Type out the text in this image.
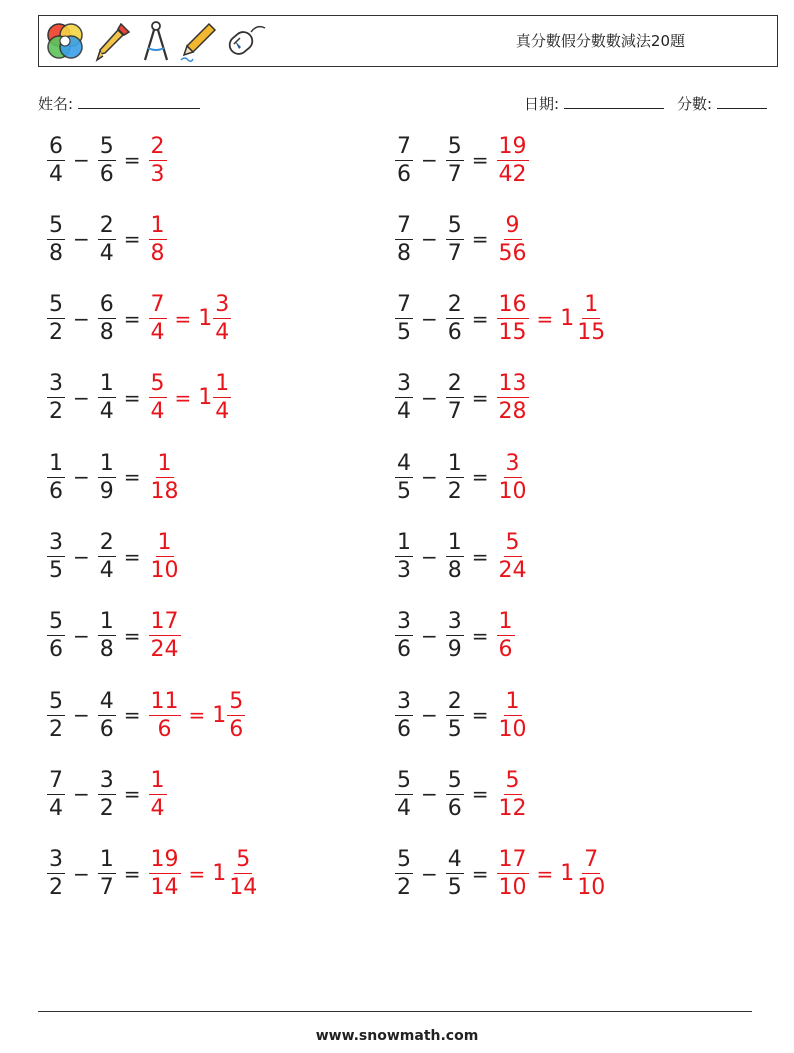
真分數假分數數減法20題
姓名:	日期:	分數:
$\frac{6}{4} - \frac{5}{6} = \frac{2}{3}$	$\frac{7}{6} - \frac{5}{7} = \frac{19}{42}$
$\frac{5}{8} - \frac{2}{4} = \frac{1}{8}$	$\frac{7}{8} - \frac{5}{7} = \frac{9}{56}$
$\frac{5}{2} - \frac{6}{8} = \frac{7}{4} = 1 \frac{3}{4}$	$\frac{7}{5} - \frac{2}{6} = \frac{16}{15} = 1 \frac{1}{15}$
$\frac{3}{2} - \frac{1}{4} = \frac{5}{4} = 1 \frac{1}{4}$	$\frac{3}{4} - \frac{2}{7} = \frac{13}{28}$
$\frac{1}{6} - \frac{1}{9} = \frac{1}{18}$	$\frac{4}{5} - \frac{1}{2} = \frac{3}{10}$
$\frac{3}{5} - \frac{2}{4} = \frac{1}{10}$	$\frac{1}{3} - \frac{1}{8} = \frac{5}{24}$
$\frac{5}{6} - \frac{1}{8} = \frac{17}{24}$	$\frac{3}{6} - \frac{3}{9} = \frac{1}{6}$
$\frac{5}{2} - \frac{4}{6} = \frac{11}{6} = 1 \frac{5}{6}$	$\frac{3}{6} - \frac{2}{5} = \frac{1}{10}$
$\frac{7}{4} - \frac{3}{2} = \frac{1}{4}$	$\frac{5}{4} - \frac{5}{6} = \frac{5}{12}$
$\frac{3}{2} - \frac{1}{7} = \frac{19}{14} = 1 \frac{5}{14}$	$\frac{5}{2} - \frac{4}{5} = \frac{17}{10} = 1 \frac{7}{10}$
www.snowmath.com
